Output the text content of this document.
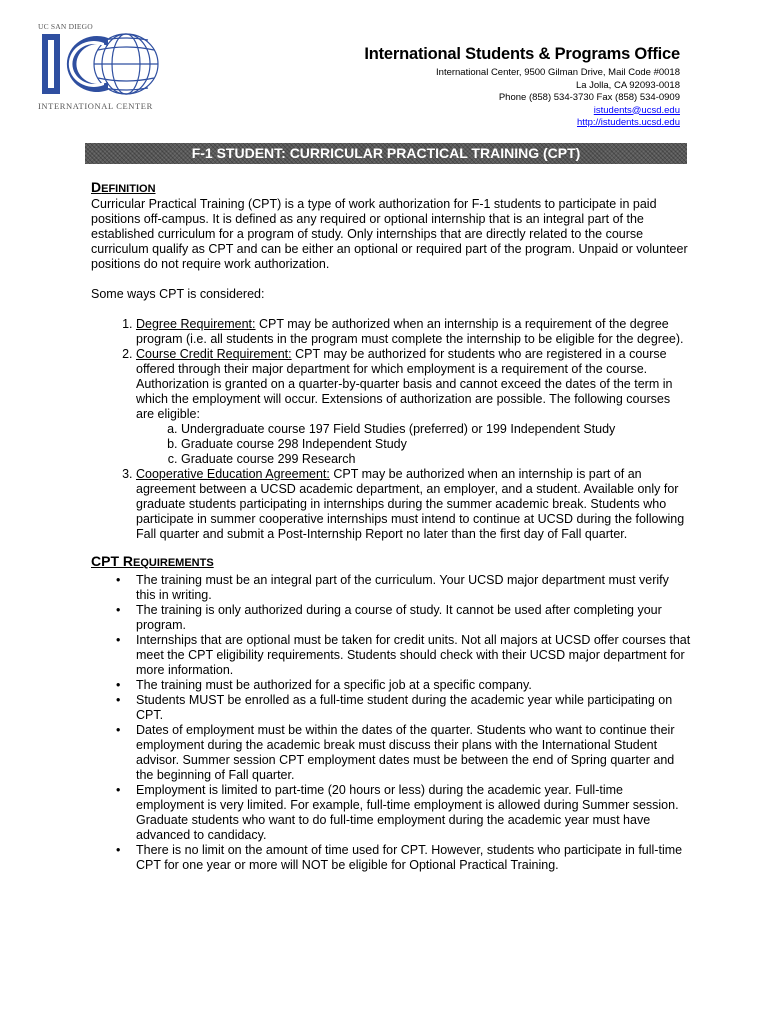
UC SAN DIEGO
INTERNATIONAL CENTER
International Students & Programs Office
International Center, 9500 Gilman Drive, Mail Code #0018
La Jolla, CA 92093-0018
Phone (858) 534-3730 Fax (858) 534-0909
istudents@ucsd.edu
http://istudents.ucsd.edu
F-1 STUDENT: CURRICULAR PRACTICAL TRAINING (CPT)
DEFINITION

Curricular Practical Training (CPT) is a type of work authorization for F-1 students to participate in paid positions off-campus. It is defined as any required or optional internship that is an integral part of the established curriculum for a program of study. Only internships that are directly related to the course curriculum qualify as CPT and can be either an optional or required part of the program. Unpaid or volunteer positions do not require work authorization.

Some ways CPT is considered:

1. Degree Requirement: CPT may be authorized when an internship is a requirement of the degree program (i.e. all students in the program must complete the internship to be eligible for the degree).
2. Course Credit Requirement: CPT may be authorized for students who are registered in a course offered through their major department for which employment is a requirement of the course. Authorization is granted on a quarter-by-quarter basis and cannot exceed the dates of the term in which the employment will occur. Extensions of authorization are possible. The following courses are eligible:
a. Undergraduate course 197 Field Studies (preferred) or 199 Independent Study
b. Graduate course 298 Independent Study
c. Graduate course 299 Research
3. Cooperative Education Agreement: CPT may be authorized when an internship is part of an agreement between a UCSD academic department, an employer, and a student. Available only for graduate students participating in internships during the summer academic break. Students who participate in summer cooperative internships must intend to continue at UCSD during the following Fall quarter and submit a Post-Internship Report no later than the first day of Fall quarter.
CPT REQUIREMENTS
• The training must be an integral part of the curriculum. Your UCSD major department must verify this in writing.
• The training is only authorized during a course of study. It cannot be used after completing your program.
• Internships that are optional must be taken for credit units. Not all majors at UCSD offer courses that meet the CPT eligibility requirements. Students should check with their UCSD major department for more information.
• The training must be authorized for a specific job at a specific company.
• Students MUST be enrolled as a full-time student during the academic year while participating on CPT.
• Dates of employment must be within the dates of the quarter. Students who want to continue their employment during the academic break must discuss their plans with the International Student advisor. Summer session CPT employment dates must be between the end of Spring quarter and the beginning of Fall quarter.
• Employment is limited to part-time (20 hours or less) during the academic year. Full-time employment is very limited. For example, full-time employment is allowed during Summer session. Graduate students who want to do full-time employment during the academic year must have advanced to candidacy.
• There is no limit on the amount of time used for CPT. However, students who participate in full-time CPT for one year or more will NOT be eligible for Optional Practical Training.
